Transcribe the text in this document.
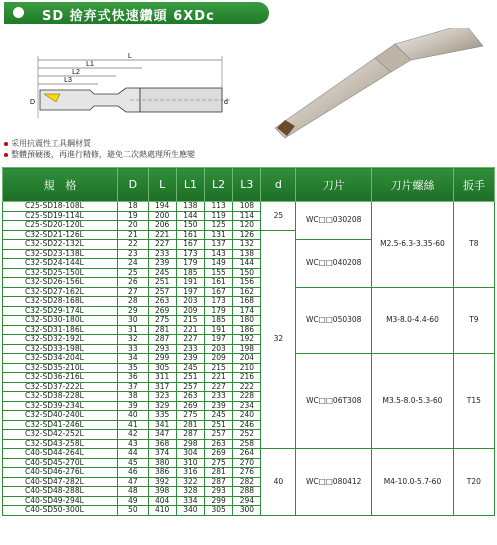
SD 捨弃式快速鑽頭 6XDc
L
L1
L2
L3
D	d
采用抗震性工具鋼材質
整體預硬後，再進行精修，避免二次熱處理所生應變
規　格	D	L	L1	L2	L3	d	刀片	刀片螺絲	扳手
C25-SD18-108L	18	194	138	113	108	25	WC□□030208	M2.5-6.3-3.35-60	T8
C25-SD19-114L	19	200	144	119	114				
C25-SD20-120L	20	206	150	125	120				
C32-SD21-126L	21	221	161	131	126	32			
C32-SD22-132L	22	227	167	137	132		WC□□040208		
C32-SD23-138L	23	233	173	143	138				
C32-SD24-144L	24	239	179	149	144				
C32-SD25-150L	25	245	185	155	150				
C32-SD26-156L	26	251	191	161	156				
C32-SD27-162L	27	257	197	167	162		WC□□050308	M3-8.0-4.4-60	T9
C32-SD28-168L	28	263	203	173	168				
C32-SD29-174L	29	269	209	179	174				
C32-SD30-180L	30	275	215	185	180				
C32-SD31-186L	31	281	221	191	186				
C32-SD32-192L	32	287	227	197	192				
C32-SD33-198L	33	293	233	203	198				
C32-SD34-204L	34	299	239	209	204		WC□□06T308	M3.5-8.0-5.3-60	T15
C32-SD35-210L	35	305	245	215	210				
C32-SD36-216L	36	311	251	221	216				
C32-SD37-222L	37	317	257	227	222				
C32-SD38-228L	38	323	263	233	228				
C32-SD39-234L	39	329	269	239	234				
C32-SD40-240L	40	335	275	245	240				
C32-SD41-246L	41	341	281	251	246				
C32-SD42-252L	42	347	287	257	252				
C32-SD43-258L	43	368	298	263	258				
C40-SD44-264L	44	374	304	269	264	40	WC□□080412	M4-10.0-5.7-60	T20
C40-SD45-270L	45	380	310	275	270				
C40-SD46-276L	46	386	316	281	276				
C40-SD47-282L	47	392	322	287	282				
C40-SD48-288L	48	398	328	293	288				
C40-SD49-294L	49	404	334	299	294				
C40-SD50-300L	50	410	340	305	300				
